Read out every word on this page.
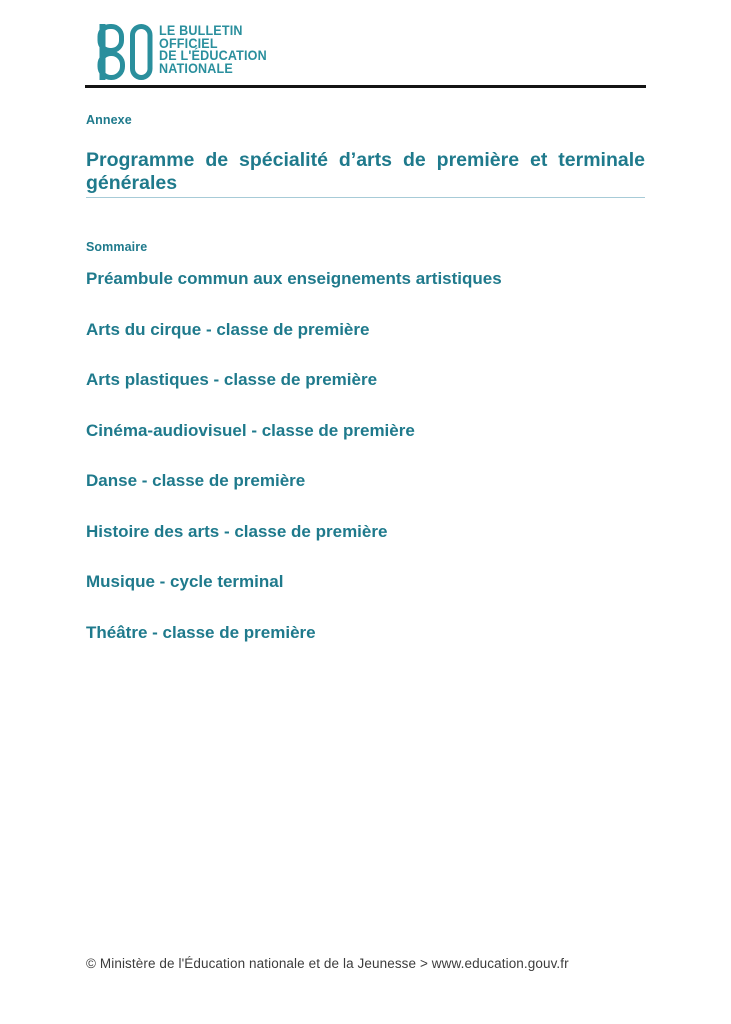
LE BULLETIN
OFFICIEL
DE L'ÉDUCATION
NATIONALE
Annexe
Programme de spécialité d’arts de première et terminale
générales
Sommaire
Préambule commun aux enseignements artistiques
Arts du cirque - classe de première
Arts plastiques - classe de première
Cinéma-audiovisuel - classe de première
Danse - classe de première
Histoire des arts - classe de première
Musique - cycle terminal
Théâtre - classe de première
© Ministère de l'Éducation nationale et de la Jeunesse > www.education.gouv.fr
